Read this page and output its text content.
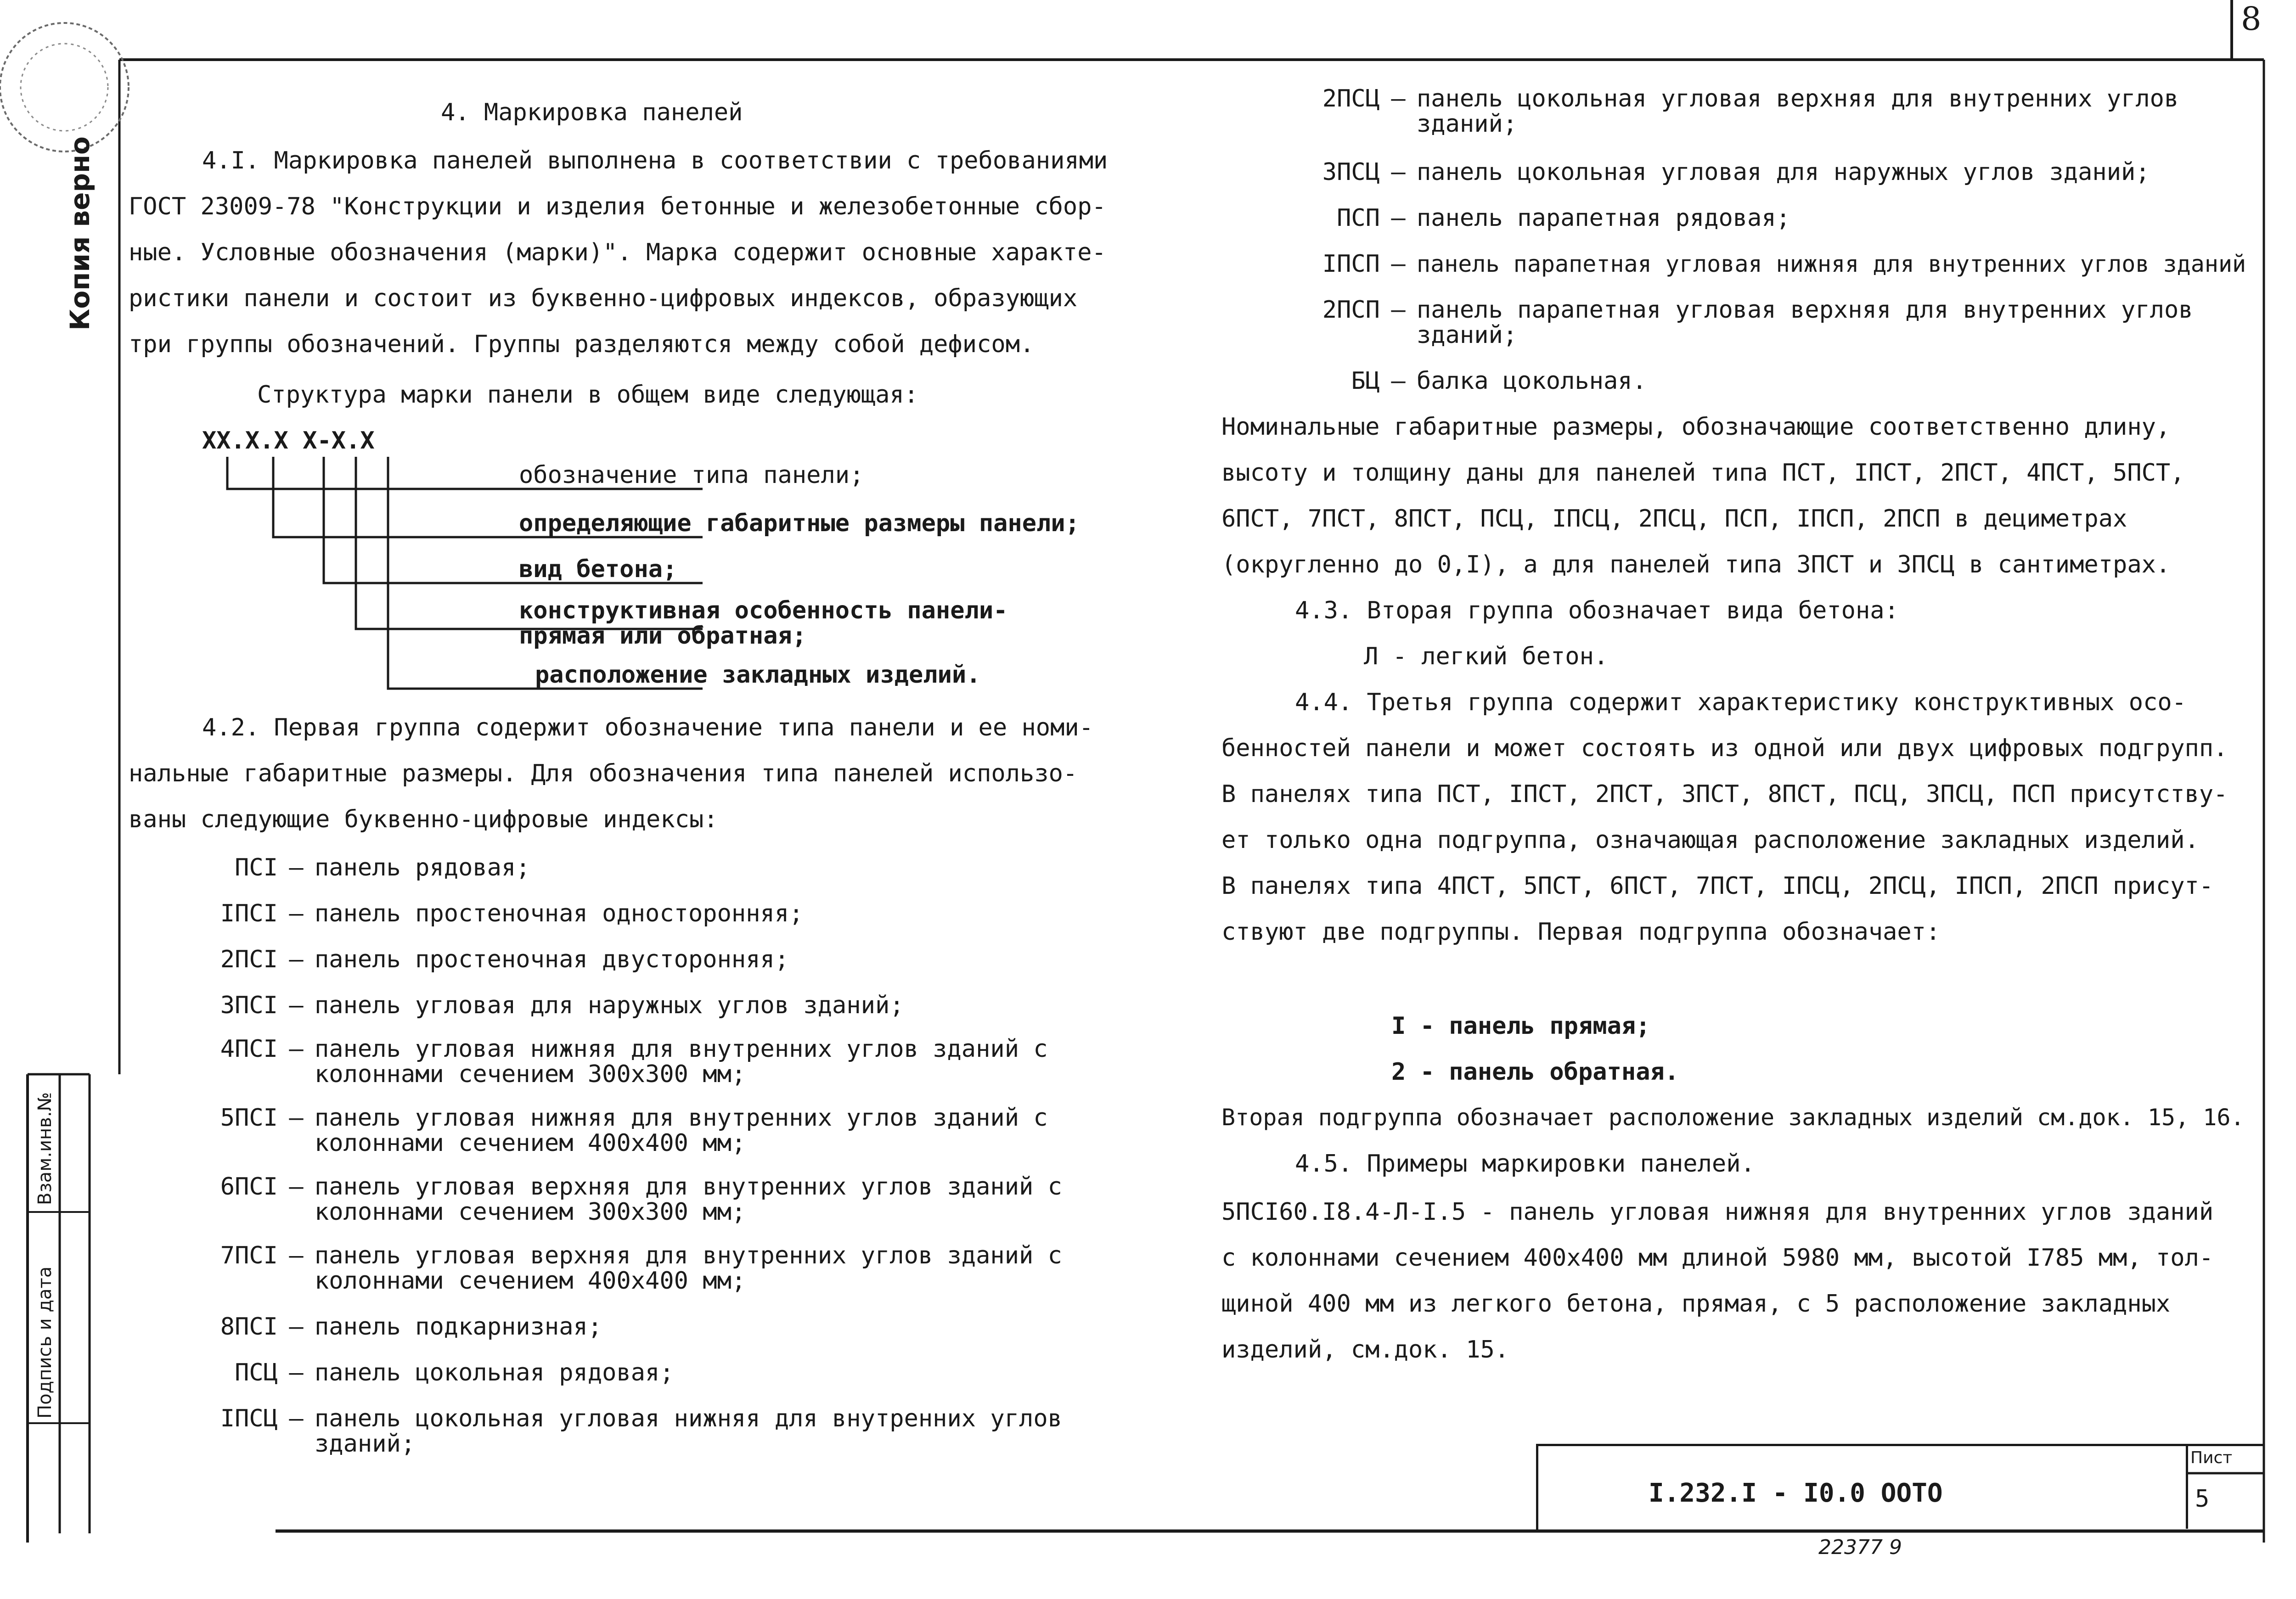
8
Копия верно
Взам.инв.№
Подпись и дата
4. Маркировка панелей
4.I. Маркировка панелей выполнена в соответствии с требованиями
ГОСТ 23009-78 "Конструкции и изделия бетонные и железобетонные сбор-
ные. Условные обозначения (марки)". Марка содержит основные характе-
ристики панели и состоит из буквенно-цифровых индексов, образующих
три группы обозначений. Группы разделяются между собой дефисом.
Структура марки панели в общем виде следующая:
XX.X.X X-X.X
обозначение типа панели;
определяющие габаритные размеры панели;
вид бетона;
конструктивная особенность панели-
прямая или обратная;
расположение закладных изделий.
4.2. Первая группа содержит обозначение типа панели и ее номи-
нальные габаритные размеры. Для обозначения типа панелей использо-
ваны следующие буквенно-цифровые индексы:
ПСI – панель рядовая;
IПСI – панель простеночная односторонняя;
2ПСI – панель простеночная двусторонняя;
3ПСI – панель угловая для наружных углов зданий;
4ПСI – панель угловая нижняя для внутренних углов зданий с
колоннами сечением 300x300 мм;
5ПСI – панель угловая нижняя для внутренних углов зданий с
колоннами сечением 400x400 мм;
6ПСI – панель угловая верхняя для внутренних углов зданий с
колоннами сечением 300x300 мм;
7ПСI – панель угловая верхняя для внутренних углов зданий с
колоннами сечением 400x400 мм;
8ПСI – панель подкарнизная;
ПСЦ – панель цокольная рядовая;
IПСЦ – панель цокольная угловая нижняя для внутренних углов
зданий;
2ПСЦ – панель цокольная угловая верхняя для внутренних углов
зданий;
3ПСЦ – панель цокольная угловая для наружных углов зданий;
ПСП – панель парапетная рядовая;
IПСП – панель парапетная угловая нижняя для внутренних углов зданий
2ПСП – панель парапетная угловая верхняя для внутренних углов
зданий;
БЦ – балка цокольная.
Номинальные габаритные размеры, обозначающие соответственно длину,
высоту и толщину даны для панелей типа ПСТ, IПСТ, 2ПСТ, 4ПСТ, 5ПСТ,
6ПСТ, 7ПСТ, 8ПСТ, ПСЦ, IПСЦ, 2ПСЦ, ПСП, IПСП, 2ПСП в дециметрах
(округленно до 0,I), а для панелей типа 3ПСТ и 3ПСЦ в сантиметрах.
4.3. Вторая группа обозначает вида бетона:
Л - легкий бетон.
4.4. Третья группа содержит характеристику конструктивных осо-
бенностей панели и может состоять из одной или двух цифровых подгрупп.
В панелях типа ПСТ, IПСТ, 2ПСТ, 3ПСТ, 8ПСТ, ПСЦ, 3ПСЦ, ПСП присутству-
ет только одна подгруппа, означающая расположение закладных изделий.
В панелях типа 4ПСТ, 5ПСТ, 6ПСТ, 7ПСТ, IПСЦ, 2ПСЦ, IПСП, 2ПСП присут-
ствуют две подгруппы. Первая подгруппа обозначает:
I - панель прямая;
2 - панель обратная.
Вторая подгруппа обозначает расположение закладных изделий см.док. 15, 16.
4.5. Примеры маркировки панелей.
5ПСI60.I8.4-Л-I.5 - панель угловая нижняя для внутренних углов зданий
с колоннами сечением 400x400 мм длиной 5980 мм, высотой I785 мм, тол-
щиной 400 мм из легкого бетона, прямая, с 5 расположение закладных
изделий, см.док. 15.
I.232.I - I0.0 ООТО
Пист
5
22377 9
